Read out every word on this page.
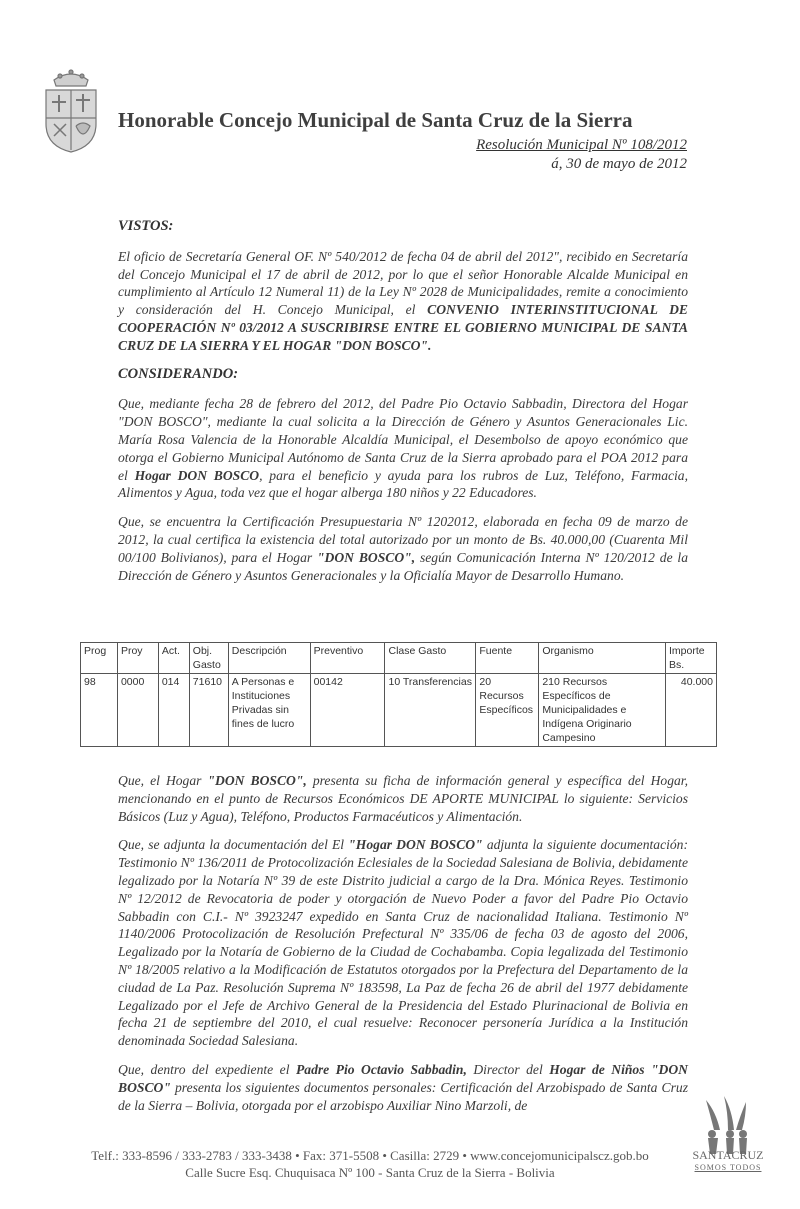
Honorable Concejo Municipal de Santa Cruz de la Sierra
Resolución Municipal Nº 108/2012
á, 30 de mayo de 2012
VISTOS:

El oficio de Secretaría General OF. Nº 540/2012 de fecha 04 de abril del 2012", recibido en Secretaría del Concejo Municipal el 17 de abril de 2012, por lo que el señor Honorable Alcalde Municipal en cumplimiento al Artículo 12 Numeral 11) de la Ley Nº 2028 de Municipalidades, remite a conocimiento y consideración del H. Concejo Municipal, el CONVENIO INTERINSTITUCIONAL DE COOPERACIÓN Nº 03/2012 A SUSCRIBIRSE ENTRE EL GOBIERNO MUNICIPAL DE SANTA CRUZ DE LA SIERRA Y EL HOGAR "DON BOSCO".

CONSIDERANDO:

Que, mediante fecha 28 de febrero del 2012, del Padre Pio Octavio Sabbadin, Directora del Hogar "DON BOSCO", mediante la cual solicita a la Dirección de Género y Asuntos Generacionales Lic. María Rosa Valencia de la Honorable Alcaldía Municipal, el Desembolso de apoyo económico que otorga el Gobierno Municipal Autónomo de Santa Cruz de la Sierra aprobado para el POA 2012 para el Hogar DON BOSCO, para el beneficio y ayuda para los rubros de Luz, Teléfono, Farmacia, Alimentos y Agua, toda vez que el hogar alberga 180 niños y 22 Educadores.

Que, se encuentra la Certificación Presupuestaria Nº 1202012, elaborada en fecha 09 de marzo de 2012, la cual certifica la existencia del total autorizado por un monto de Bs. 40.000,00 (Cuarenta Mil 00/100 Bolivianos), para el Hogar "DON BOSCO", según Comunicación Interna Nº 120/2012 de la Dirección de Género y Asuntos Generacionales y la Oficialía Mayor de Desarrollo Humano.

Prog	Proy	Act.	Obj. Gasto	Descripción	Preventivo	Clase Gasto	Fuente	Organismo	Importe Bs.
98	0000	014	71610	A Personas e Instituciones Privadas sin fines de lucro	00142	10 Transferencias	20 Recursos Específicos	210 Recursos Específicos de Municipalidades e Indígena Originario Campesino	40.000

Que, el Hogar "DON BOSCO", presenta su ficha de información general y específica del Hogar, mencionando en el punto de Recursos Económicos DE APORTE MUNICIPAL lo siguiente: Servicios Básicos (Luz y Agua), Teléfono, Productos Farmacéuticos y Alimentación.

Que, se adjunta la documentación del El "Hogar DON BOSCO" adjunta la siguiente documentación: Testimonio Nº 136/2011 de Protocolización Eclesiales de la Sociedad Salesiana de Bolivia, debidamente legalizado por la Notaría Nº 39 de este Distrito judicial a cargo de la Dra. Mónica Reyes. Testimonio Nº 12/2012 de Revocatoria de poder y otorgación de Nuevo Poder a favor del Padre Pio Octavio Sabbadin con C.I.- Nº 3923247 expedido en Santa Cruz de nacionalidad Italiana. Testimonio Nº 1140/2006 Protocolización de Resolución Prefectural Nº 335/06 de fecha 03 de agosto del 2006, Legalizado por la Notaría de Gobierno de la Ciudad de Cochabamba. Copia legalizada del Testimonio Nº 18/2005 relativo a la Modificación de Estatutos otorgados por la Prefectura del Departamento de la ciudad de La Paz. Resolución Suprema Nº 183598, La Paz de fecha 26 de abril del 1977 debidamente Legalizado por el Jefe de Archivo General de la Presidencia del Estado Plurinacional de Bolivia en fecha 21 de septiembre del 2010, el cual resuelve: Reconocer personería Jurídica a la Institución denominada Sociedad Salesiana.

Que, dentro del expediente el Padre Pio Octavio Sabbadin, Director del Hogar de Niños "DON BOSCO" presenta los siguientes documentos personales: Certificación del Arzobispado de Santa Cruz de la Sierra – Bolivia, otorgada por el arzobispo Auxiliar Nino Marzoli, de

Telf.: 333-8596 / 333-2783 / 333-3438 • Fax: 371-5508 • Casilla: 2729 • www.concejomunicipalscz.gob.bo
Calle Sucre Esq. Chuquisaca Nº 100 - Santa Cruz de la Sierra - Bolivia
SANTACRUZ
SOMOS TODOS
